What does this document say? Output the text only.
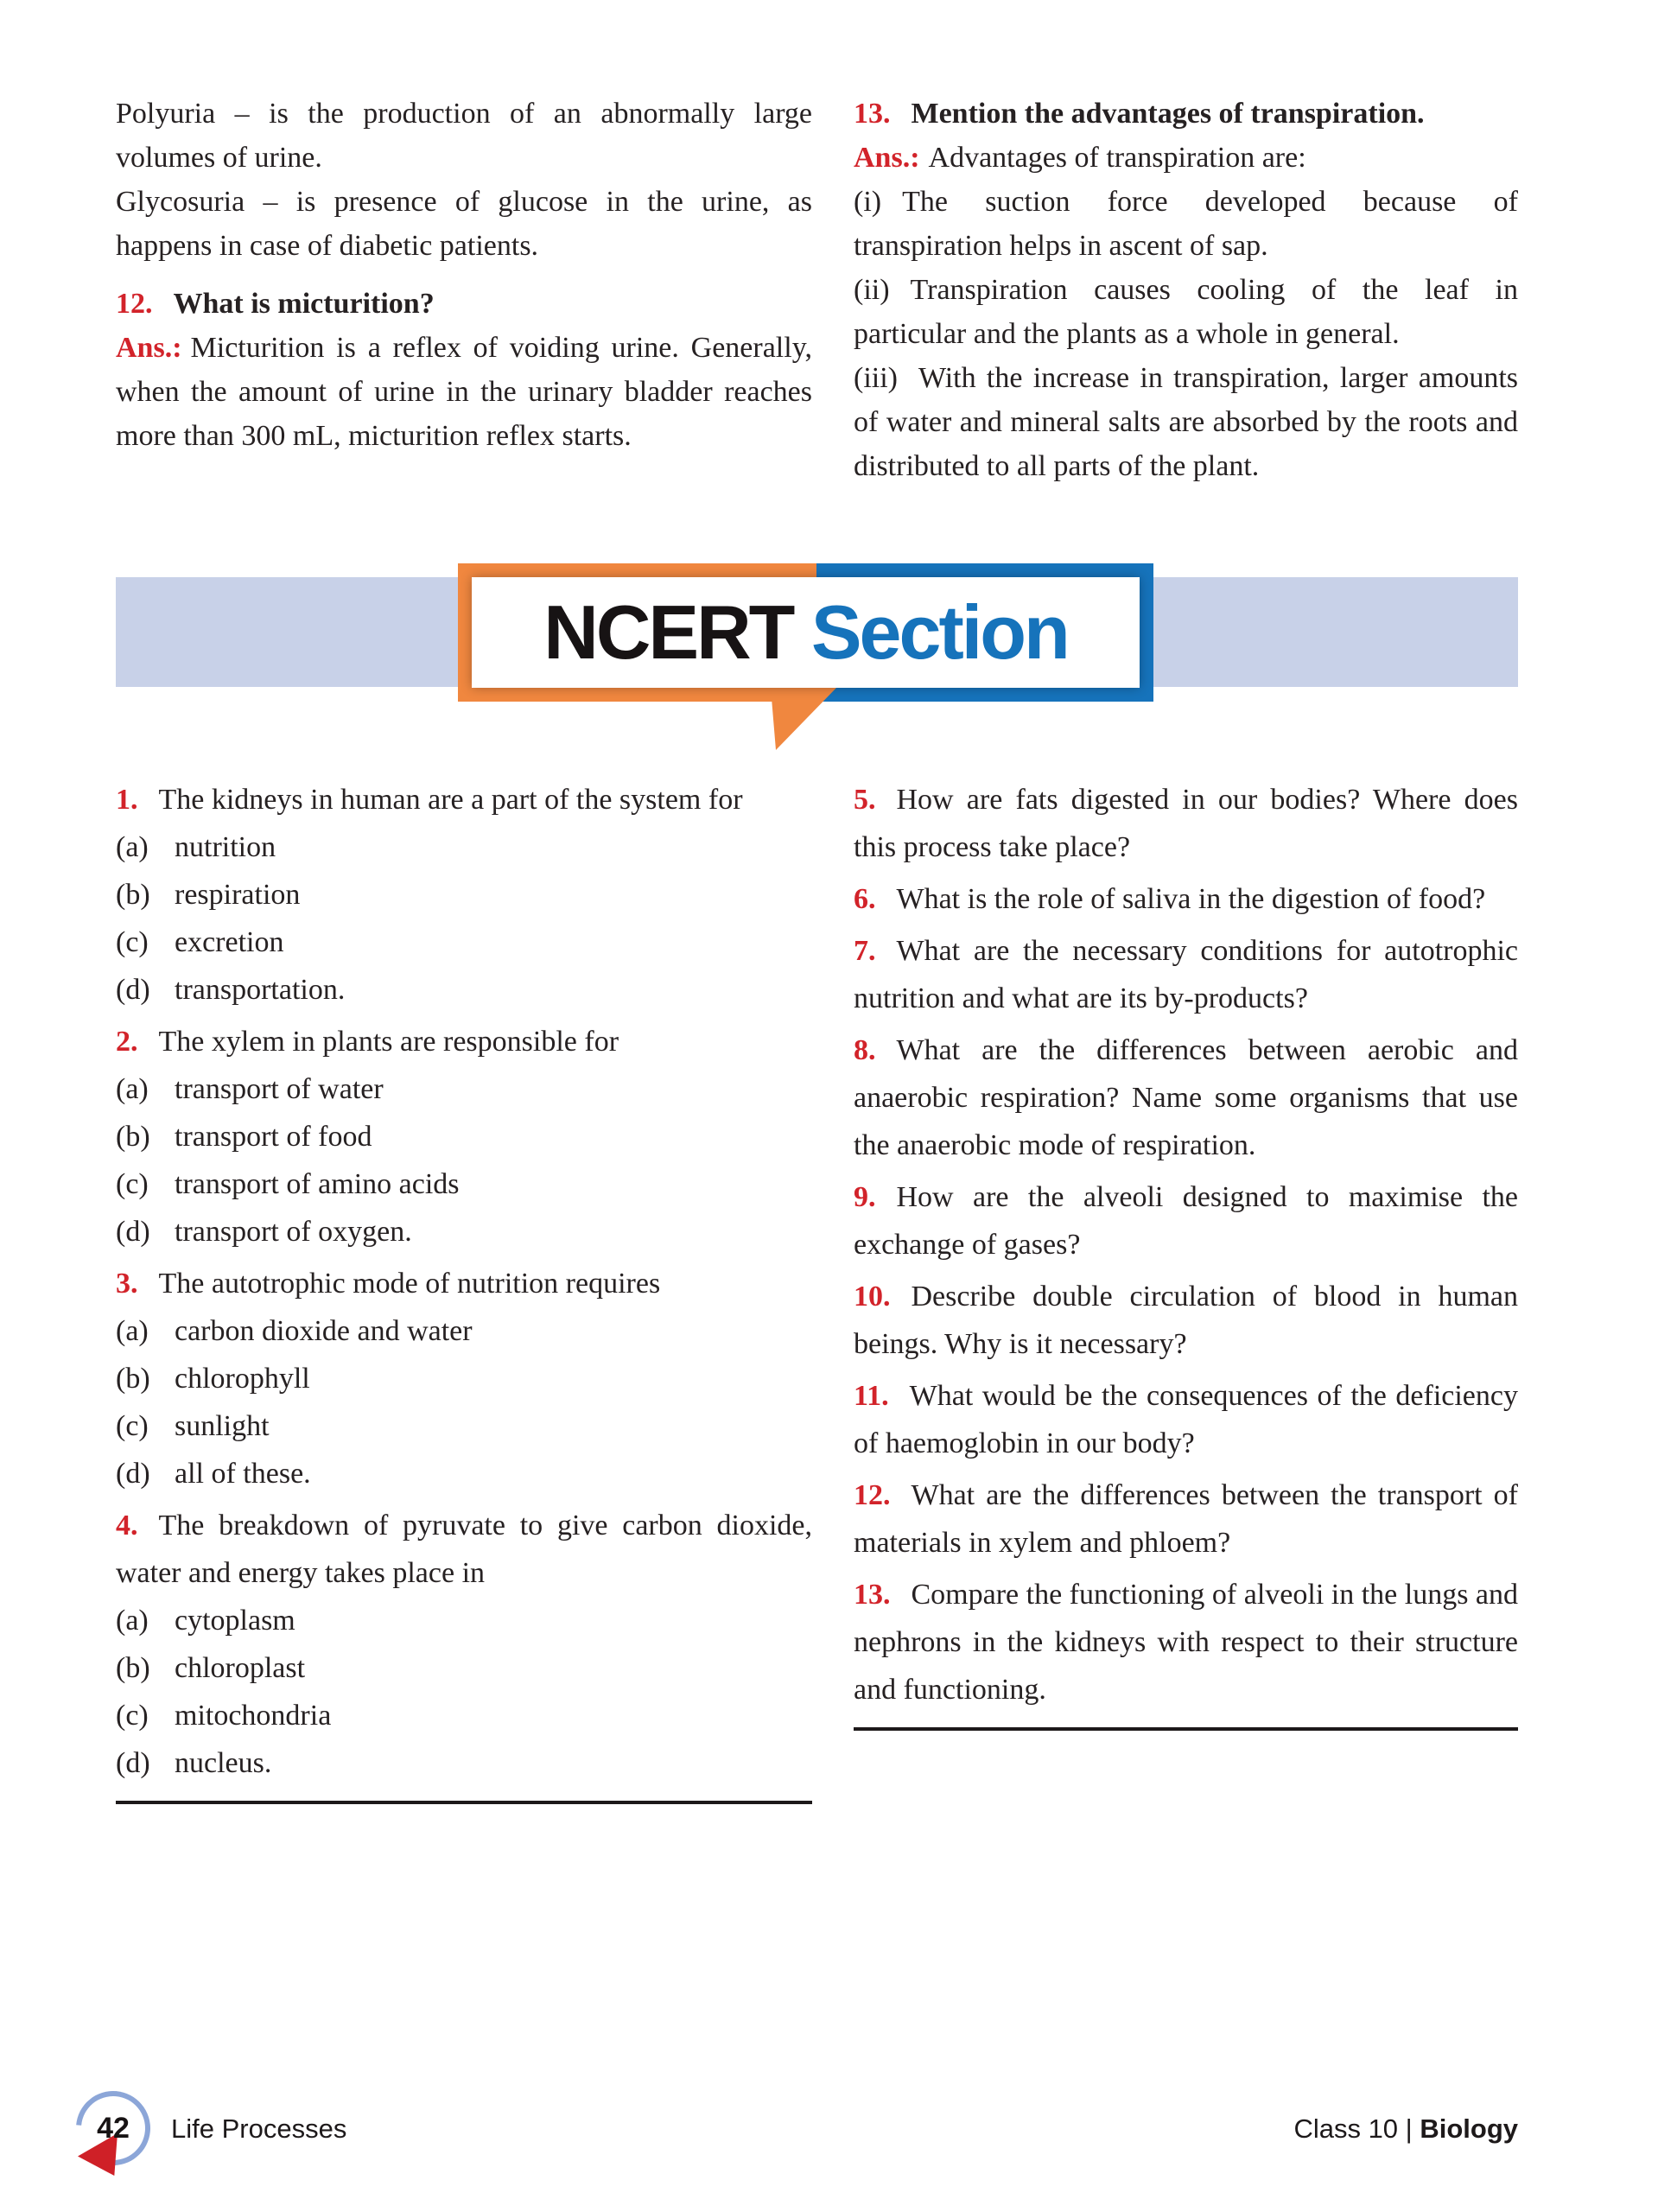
Polyuria – is the production of an abnormally large volumes of urine.

Glycosuria – is presence of glucose in the urine, as happens in case of diabetic patients.

12. What is micturition?

Ans.: Micturition is a reflex of voiding urine. Generally, when the amount of urine in the urinary bladder reaches more than 300 mL, micturition reflex starts.

13. Mention the advantages of transpiration.

Ans.: Advantages of transpiration are:

(i) The suction force developed because of transpiration helps in ascent of sap.

(ii) Transpiration causes cooling of the leaf in particular and the plants as a whole in general.

(iii) With the increase in transpiration, larger amounts of water and mineral salts are absorbed by the roots and distributed to all parts of the plant.

NCERT
Section

1. The kidneys in human are a part of the system for

(a) nutrition
(b) respiration
(c) excretion
(d) transportation.

2. The xylem in plants are responsible for

(a) transport of water
(b) transport of food
(c) transport of amino acids
(d) transport of oxygen.

3. The autotrophic mode of nutrition requires

(a) carbon dioxide and water
(b) chlorophyll
(c) sunlight
(d) all of these.

4. The breakdown of pyruvate to give carbon dioxide, water and energy takes place in

(a) cytoplasm
(b) chloroplast
(c) mitochondria
(d) nucleus.

5. How are fats digested in our bodies? Where does this process take place?

6. What is the role of saliva in the digestion of food?

7. What are the necessary conditions for autotrophic nutrition and what are its by-products?

8. What are the differences between aerobic and anaerobic respiration? Name some organisms that use the anaerobic mode of respiration.

9. How are the alveoli designed to maximise the exchange of gases?

10. Describe double circulation of blood in human beings. Why is it necessary?

11. What would be the consequences of the deficiency of haemoglobin in our body?

12. What are the differences between the transport of materials in xylem and phloem?

13. Compare the functioning of alveoli in the lungs and nephrons in the kidneys with respect to their structure and functioning.

42	Life Processes	Class 10 | Biology
